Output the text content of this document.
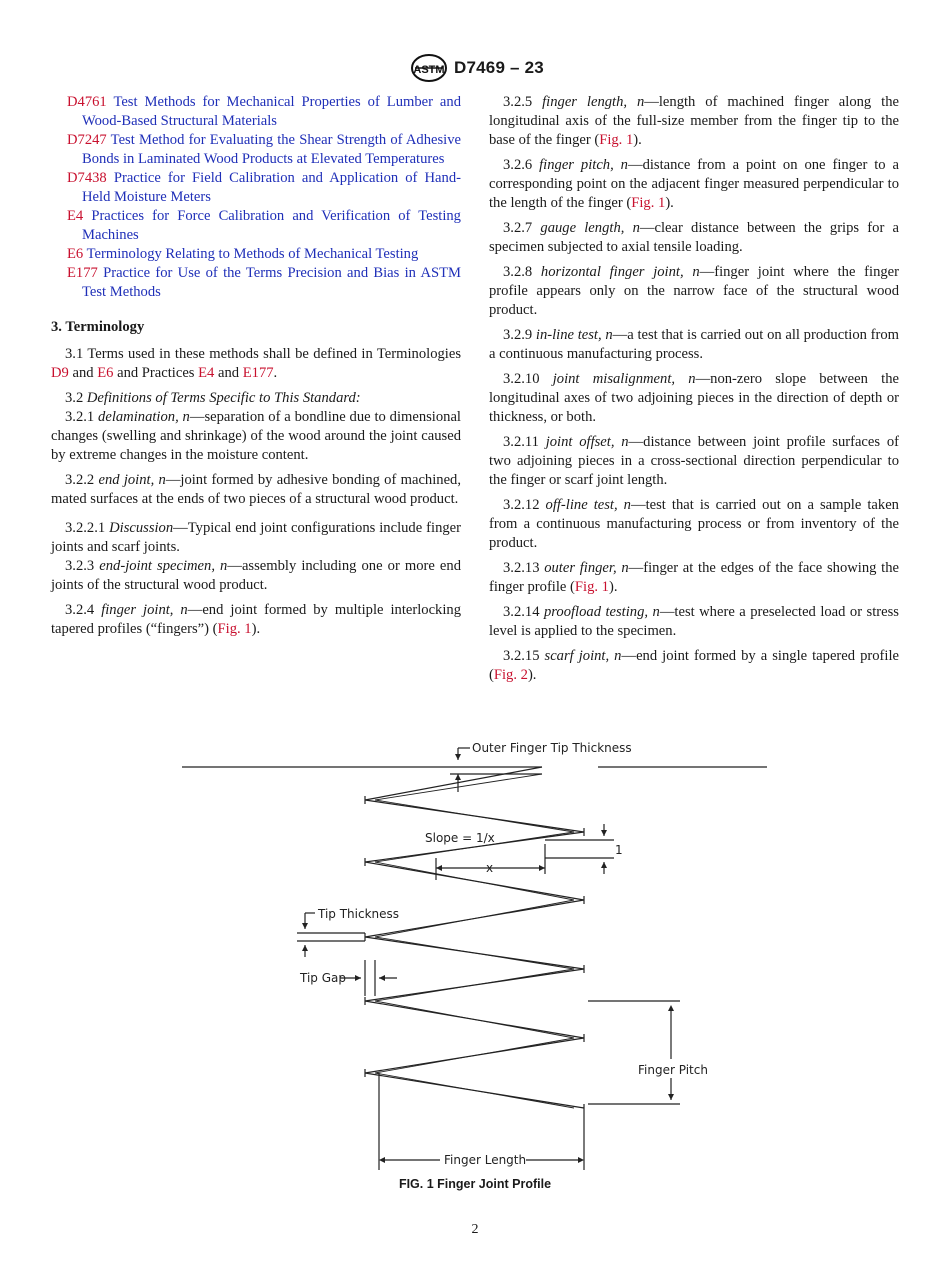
ASTM D7469 – 23

D4761 Test Methods for Mechanical Properties of Lumber and Wood-Based Structural Materials

D7247 Test Method for Evaluating the Shear Strength of Adhesive Bonds in Laminated Wood Products at Elevated Temperatures

D7438 Practice for Field Calibration and Application of Hand-Held Moisture Meters

E4 Practices for Force Calibration and Verification of Testing Machines

E6 Terminology Relating to Methods of Mechanical Testing

E177 Practice for Use of the Terms Precision and Bias in ASTM Test Methods

3. Terminology

3.1 Terms used in these methods shall be defined in Terminologies D9 and E6 and Practices E4 and E177.

3.2 Definitions of Terms Specific to This Standard:

3.2.1 delamination, n—separation of a bondline due to dimensional changes (swelling and shrinkage) of the wood around the joint caused by extreme changes in the moisture content.

3.2.2 end joint, n—joint formed by adhesive bonding of machined, mated surfaces at the ends of two pieces of a structural wood product.

3.2.2.1 Discussion—Typical end joint configurations include finger joints and scarf joints.

3.2.3 end-joint specimen, n—assembly including one or more end joints of the structural wood product.

3.2.4 finger joint, n—end joint formed by multiple interlocking tapered profiles (“fingers”) (Fig. 1).

3.2.5 finger length, n—length of machined finger along the longitudinal axis of the full-size member from the finger tip to the base of the finger (Fig. 1).

3.2.6 finger pitch, n—distance from a point on one finger to a corresponding point on the adjacent finger measured perpendicular to the length of the finger (Fig. 1).

3.2.7 gauge length, n—clear distance between the grips for a specimen subjected to axial tensile loading.

3.2.8 horizontal finger joint, n—finger joint where the finger profile appears only on the narrow face of the structural wood product.

3.2.9 in-line test, n—a test that is carried out on all production from a continuous manufacturing process.

3.2.10 joint misalignment, n—non-zero slope between the longitudinal axes of two adjoining pieces in the direction of depth or thickness, or both.

3.2.11 joint offset, n—distance between joint profile surfaces of two adjoining pieces in a cross-sectional direction perpendicular to the finger or scarf joint length.

3.2.12 off-line test, n—test that is carried out on a sample taken from a continuous manufacturing process or from inventory of the product.

3.2.13 outer finger, n—finger at the edges of the face showing the finger profile (Fig. 1).

3.2.14 proofload testing, n—test where a preselected load or stress level is applied to the specimen.

3.2.15 scarf joint, n—end joint formed by a single tapered profile (Fig. 2).

Outer Finger Tip Thickness
Slope = 1/x
1
x
Tip Thickness
Tip Gap
Finger Pitch
Finger Length
FIG. 1 Finger Joint Profile
2
